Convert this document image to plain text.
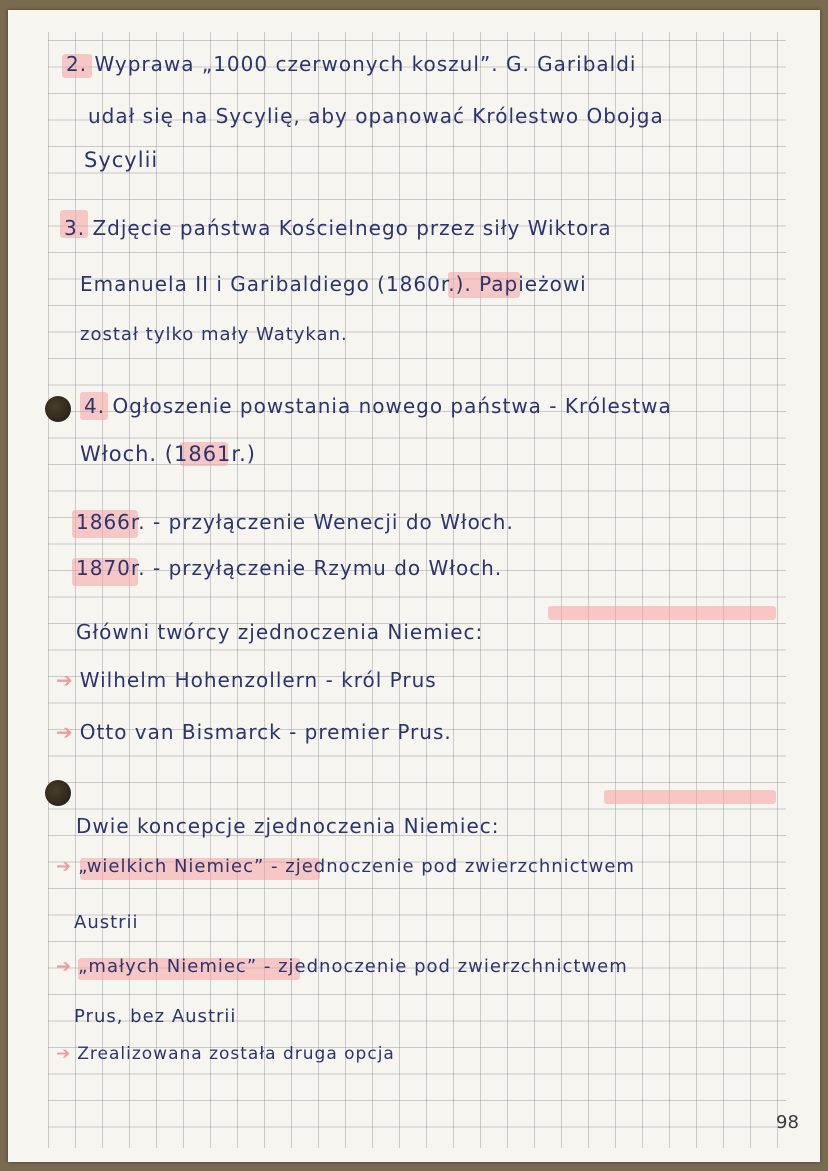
2. Wyprawa „1000 czerwonych koszul”. G. Garibaldi
udał się na Sycylię, aby opanować Królestwo Obojga
Sycylii
3. Zdjęcie państwa Kościelnego przez siły Wiktora
Emanuela II i Garibaldiego (1860r.). Papieżowi
został tylko mały Watykan.
4. Ogłoszenie powstania nowego państwa - Królestwa
Włoch. (1861r.)
1866r. - przyłączenie Wenecji do Włoch.
1870r. - przyłączenie Rzymu do Włoch.
Główni twórcy zjednoczenia Niemiec:
➔ Wilhelm Hohenzollern - król Prus
➔ Otto van Bismarck - premier Prus.
Dwie koncepcje zjednoczenia Niemiec:
➔ „wielkich Niemiec” - zjednoczenie pod zwierzchnictwem
Austrii
➔ „małych Niemiec” - zjednoczenie pod zwierzchnictwem
Prus, bez Austrii
➔ Zrealizowana została druga opcja
98
